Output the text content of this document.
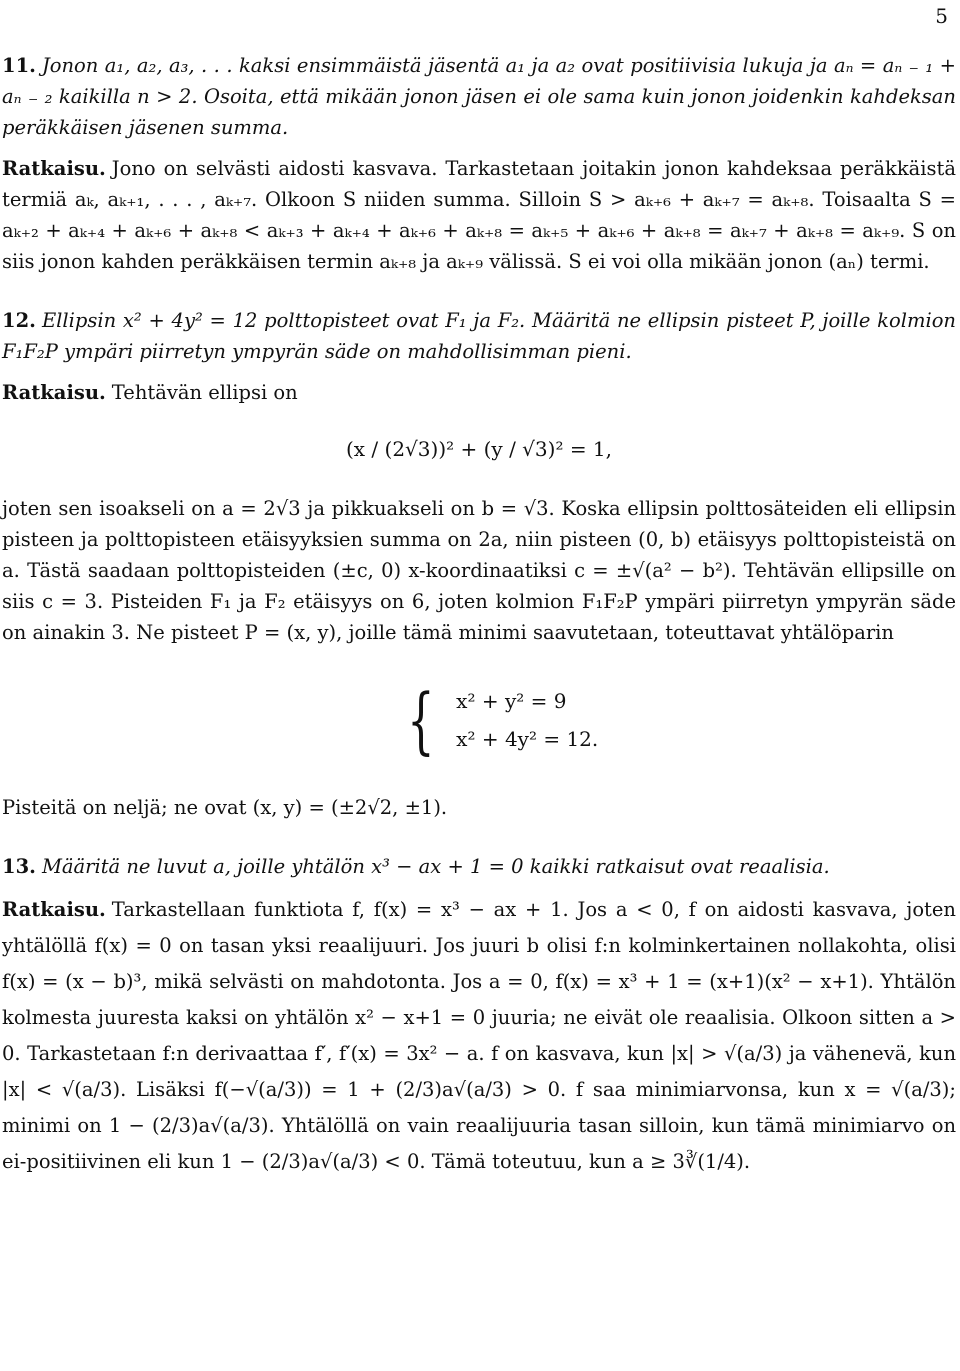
5

11. Jonon a₁, a₂, a₃, . . . kaksi ensimmäistä jäsentä a₁ ja a₂ ovat positiivisia lukuja ja aₙ = aₙ ₋ ₁ + aₙ ₋ ₂ kaikilla n > 2. Osoita, että mikään jonon jäsen ei ole sama kuin jonon joidenkin kahdeksan peräkkäisen jäsenen summa.

Ratkaisu. Jono on selvästi aidosti kasvava. Tarkastetaan joitakin jonon kahdeksaa peräkkäistä termiä aₖ, aₖ₊₁, . . . , aₖ₊₇. Olkoon S niiden summa. Silloin S > aₖ₊₆ + aₖ₊₇ = aₖ₊₈. Toisaalta S = aₖ₊₂ + aₖ₊₄ + aₖ₊₆ + aₖ₊₈ < aₖ₊₃ + aₖ₊₄ + aₖ₊₆ + aₖ₊₈ = aₖ₊₅ + aₖ₊₆ + aₖ₊₈ = aₖ₊₇ + aₖ₊₈ = aₖ₊₉. S on siis jonon kahden peräkkäisen termin aₖ₊₈ ja aₖ₊₉ välissä. S ei voi olla mikään jonon (aₙ) termi.

12. Ellipsin x² + 4y² = 12 polttopisteet ovat F₁ ja F₂. Määritä ne ellipsin pisteet P, joille kolmion F₁F₂P ympäri piirretyn ympyrän säde on mahdollisimman pieni.

Ratkaisu. Tehtävän ellipsi on

(x / (2√3))² + (y / √3)² = 1,

joten sen isoakseli on a = 2√3 ja pikkuakseli on b = √3. Koska ellipsin polttosäteiden eli ellipsin pisteen ja polttopisteen etäisyyksien summa on 2a, niin pisteen (0, b) etäisyys polttopisteistä on a. Tästä saadaan polttopisteiden (±c, 0) x-koordinaatiksi c = ±√(a² − b²). Tehtävän ellipsille on siis c = 3. Pisteiden F₁ ja F₂ etäisyys on 6, joten kolmion F₁F₂P ympäri piirretyn ympyrän säde on ainakin 3. Ne pisteet P = (x, y), joille tämä minimi saavutetaan, toteuttavat yhtälöparin

{ x² + y² = 9
x² + 4y² = 12.

Pisteitä on neljä; ne ovat (x, y) = (±2√2, ±1).

13. Määritä ne luvut a, joille yhtälön x³ − ax + 1 = 0 kaikki ratkaisut ovat reaalisia.

Ratkaisu. Tarkastellaan funktiota f, f(x) = x³ − ax + 1. Jos a < 0, f on aidosti kasvava, joten yhtälöllä f(x) = 0 on tasan yksi reaalijuuri. Jos juuri b olisi f:n kolminkertainen nollakohta, olisi f(x) = (x − b)³, mikä selvästi on mahdotonta. Jos a = 0, f(x) = x³ + 1 = (x+1)(x² − x+1). Yhtälön kolmesta juuresta kaksi on yhtälön x² − x+1 = 0 juuria; ne eivät ole reaalisia. Olkoon sitten a > 0. Tarkastetaan f:n derivaattaa f′, f′(x) = 3x² − a. f on kasvava, kun |x| > √(a/3) ja vähenevä, kun |x| < √(a/3). Lisäksi f(−√(a/3)) = 1 + (2/3)a√(a/3) > 0. f saa minimiarvonsa, kun x = √(a/3); minimi on 1 − (2/3)a√(a/3). Yhtälöllä on vain reaalijuuria tasan silloin, kun tämä minimiarvo on ei-positiivinen eli kun 1 − (2/3)a√(a/3) < 0. Tämä toteutuu, kun a ≥ 3∛(1/4).
